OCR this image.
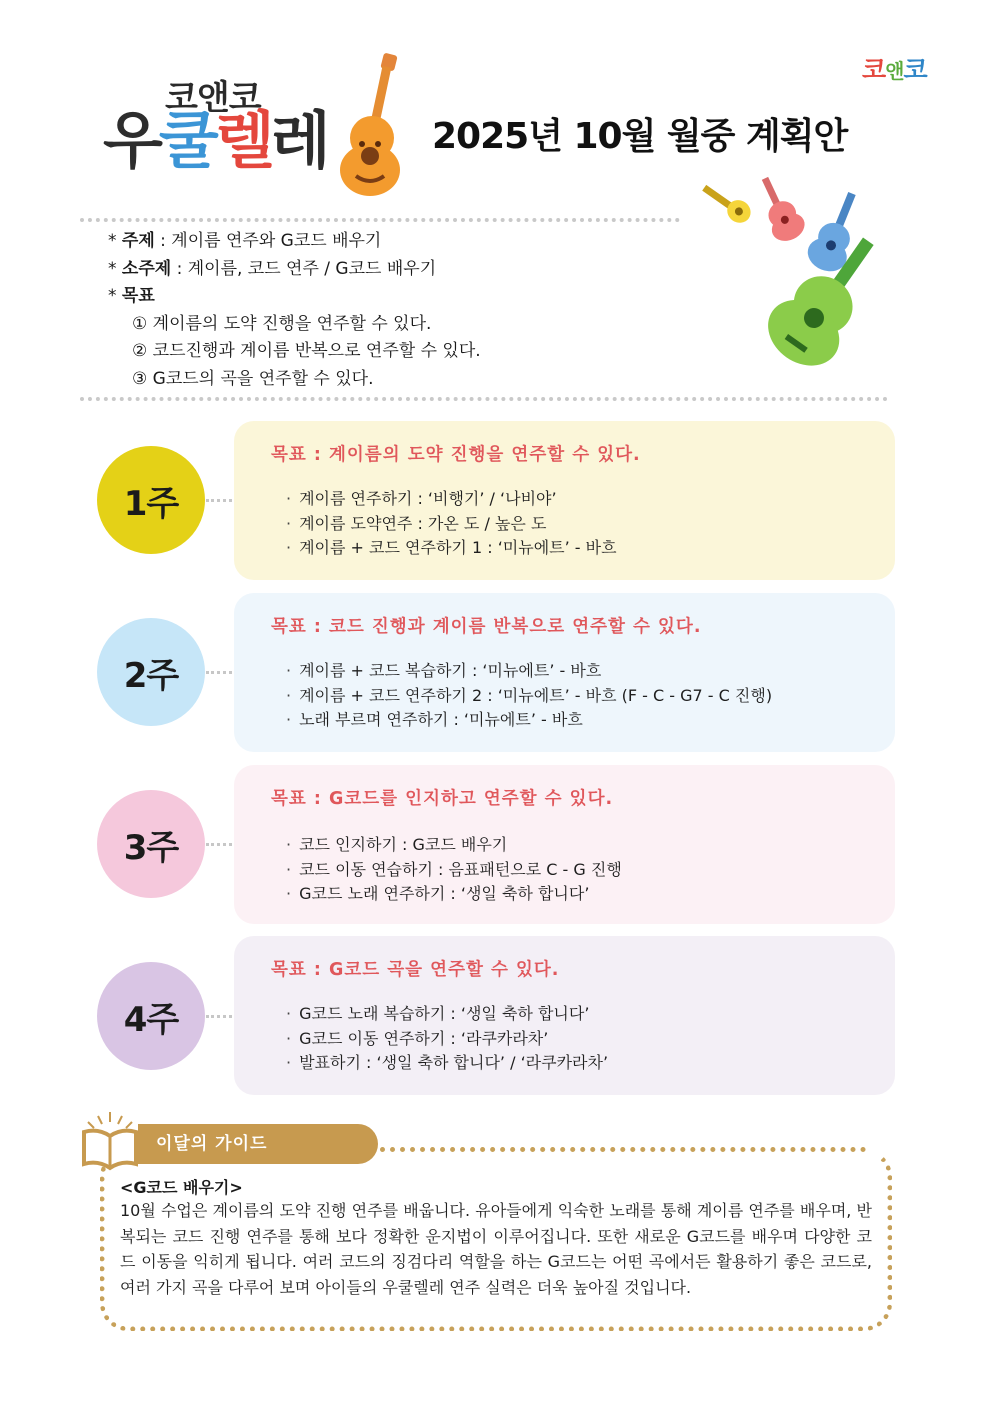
코앤코
코앤코
우쿨렐레	2025년 10월 월중 계획안
* 주제 : 계이름 연주와 G코드 배우기
* 소주제 : 계이름, 코드 연주 / G코드 배우기
* 목표
① 계이름의 도약 진행을 연주할 수 있다.
② 코드진행과 계이름 반복으로 연주할 수 있다.
③ G코드의 곡을 연주할 수 있다.
1주
목표 : 계이름의 도약 진행을 연주할 수 있다.
· 계이름 연주하기 : ‘비행기’ / ‘나비야’
· 계이름 도약연주 : 가온 도 / 높은 도
· 계이름 + 코드 연주하기 1 : ‘미뉴에트’ - 바흐
2주
목표 : 코드 진행과 계이름 반복으로 연주할 수 있다.
· 계이름 + 코드 복습하기 : ‘미뉴에트’ - 바흐
· 계이름 + 코드 연주하기 2 : ‘미뉴에트’ - 바흐 (F - C - G7 - C 진행)
· 노래 부르며 연주하기 : ‘미뉴에트’ - 바흐
3주
목표 : G코드를 인지하고 연주할 수 있다.
· 코드 인지하기 : G코드 배우기
· 코드 이동 연습하기 : 음표패턴으로 C - G 진행
· G코드 노래 연주하기 : ‘생일 축하 합니다’
4주
목표 : G코드 곡을 연주할 수 있다.
· G코드 노래 복습하기 : ‘생일 축하 합니다’
· G코드 이동 연주하기 : ‘라쿠카라차’
· 발표하기 : ‘생일 축하 합니다’ / ‘라쿠카라차’
이달의 가이드
<G코드 배우기>
10월 수업은 계이름의 도약 진행 연주를 배웁니다. 유아들에게 익숙한 노래를 통해 계이름 연주를 배우며, 반복되는 코드 진행 연주를 통해 보다 정확한 운지법이 이루어집니다. 또한 새로운 G코드를 배우며 다양한 코드 이동을 익히게 됩니다. 여러 코드의 징검다리 역할을 하는 G코드는 어떤 곡에서든 활용하기 좋은 코드로, 여러 가지 곡을 다루어 보며 아이들의 우쿨렐레 연주 실력은 더욱 높아질 것입니다.
